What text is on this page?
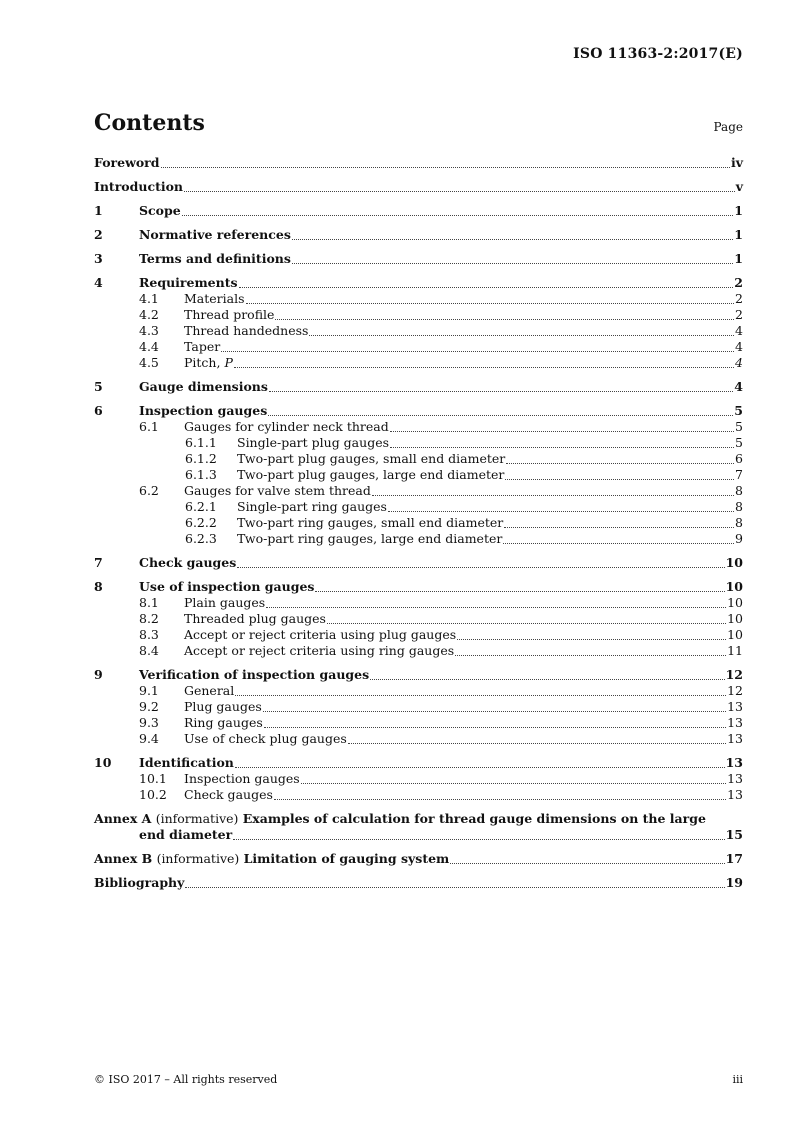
ISO 11363-2:2017(E)
Contents	Page
Foreword	iv
Introduction	v
1	Scope	1
2	Normative references	1
3	Terms and definitions	1
4	Requirements	2
4.1	Materials	2
4.2	Thread profile	2
4.3	Thread handedness	4
4.4	Taper	4
4.5	Pitch, P	4
5	Gauge dimensions	4
6	Inspection gauges	5
6.1	Gauges for cylinder neck thread	5
6.1.1	Single-part plug gauges	5
6.1.2	Two-part plug gauges, small end diameter	6
6.1.3	Two-part plug gauges, large end diameter	7
6.2	Gauges for valve stem thread	8
6.2.1	Single-part ring gauges	8
6.2.2	Two-part ring gauges, small end diameter	8
6.2.3	Two-part ring gauges, large end diameter	9
7	Check gauges	10
8	Use of inspection gauges	10
8.1	Plain gauges	10
8.2	Threaded plug gauges	10
8.3	Accept or reject criteria using plug gauges	10
8.4	Accept or reject criteria using ring gauges	11
9	Verification of inspection gauges	12
9.1	General	12
9.2	Plug gauges	13
9.3	Ring gauges	13
9.4	Use of check plug gauges	13
10	Identification	13
10.1	Inspection gauges	13
10.2	Check gauges	13
Annex A (informative) Examples of calculation for thread gauge dimensions on the large
end diameter	15
Annex B (informative) Limitation of gauging system	17
Bibliography	19
© ISO 2017 – All rights reserved	iii
